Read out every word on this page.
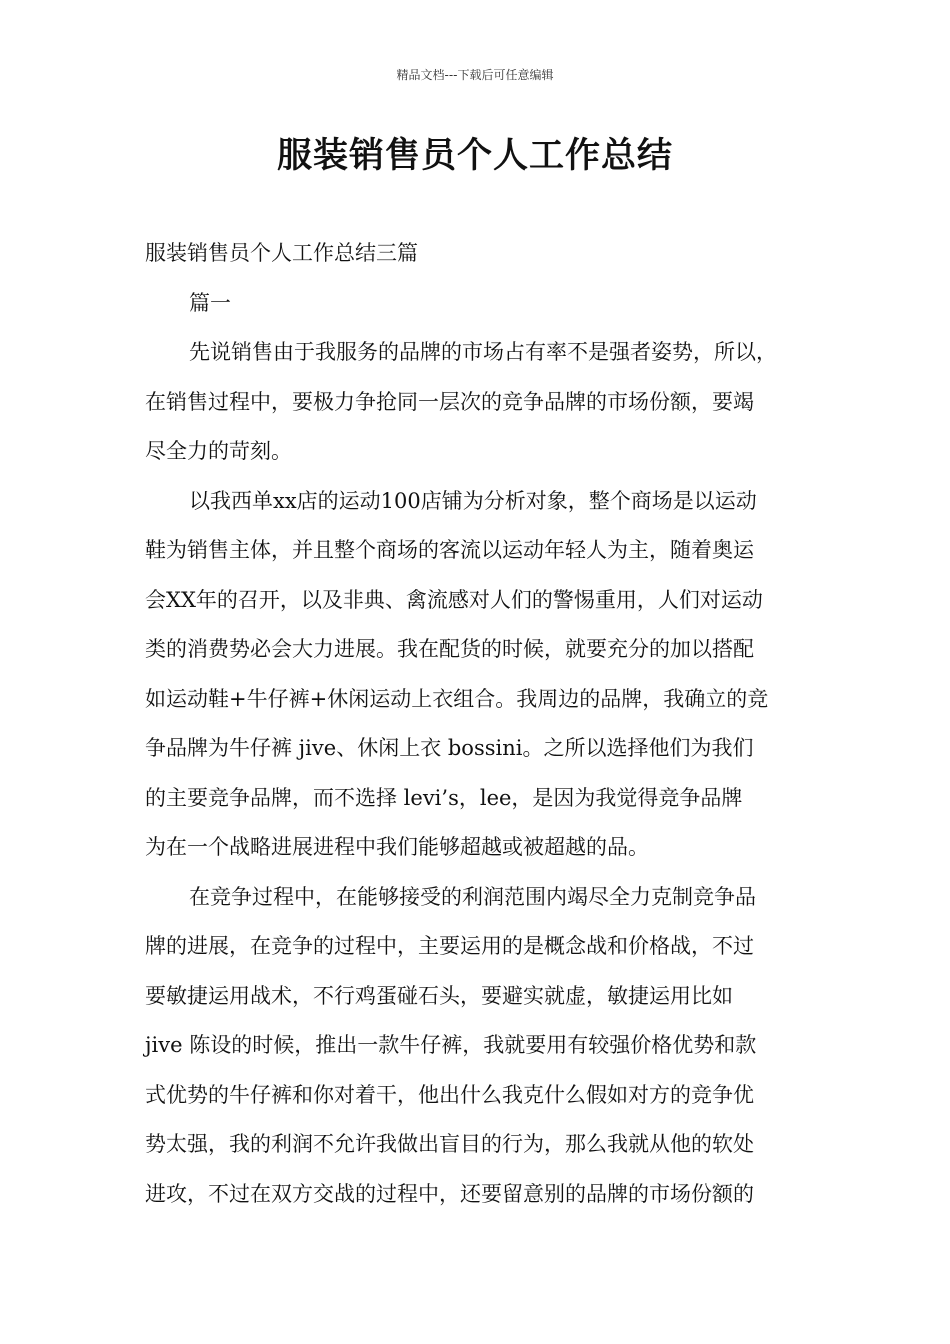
精品文档---下载后可任意编辑
服装销售员个人工作总结

服装销售员个人工作总结三篇

篇一

先说销售由于我服务的品牌的市场占有率不是强者姿势，所以，
在销售过程中，要极力争抢同一层次的竞争品牌的市场份额，要竭
尽全力的苛刻。

以我西单xx店的运动100店铺为分析对象，整个商场是以运动
鞋为销售主体，并且整个商场的客流以运动年轻人为主，随着奥运
会XX年的召开，以及非典、禽流感对人们的警惕重用，人们对运动
类的消费势必会大力进展。我在配货的时候，就要充分的加以搭配
如运动鞋+牛仔裤+休闲运动上衣组合。我周边的品牌，我确立的竞
争品牌为牛仔裤 jive、休闲上衣 bossini。之所以选择他们为我们
的主要竞争品牌，而不选择 levi’s，lee，是因为我觉得竞争品牌
为在一个战略进展进程中我们能够超越或被超越的品。

在竞争过程中，在能够接受的利润范围内竭尽全力克制竞争品
牌的进展，在竞争的过程中，主要运用的是概念战和价格战，不过
要敏捷运用战术，不行鸡蛋碰石头，要避实就虚，敏捷运用比如
jive 陈设的时候，推出一款牛仔裤，我就要用有较强价格优势和款
式优势的牛仔裤和你对着干，他出什么我克什么假如对方的竞争优
势太强，我的利润不允许我做出盲目的行为，那么我就从他的软处
进攻，不过在双方交战的过程中，还要留意别的品牌的市场份额的
